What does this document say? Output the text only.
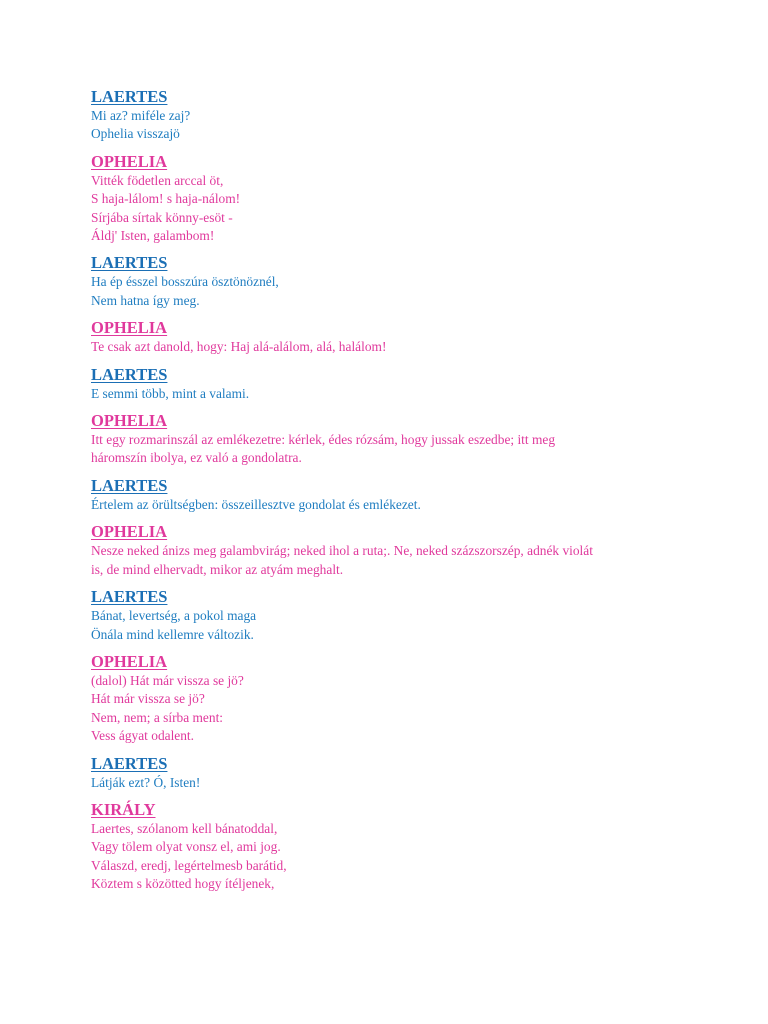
LAERTES
Mi az? miféle zaj?
Ophelia visszajö
OPHELIA
Vitték födetlen arccal öt,
S haja-lálom! s haja-nálom!
Sírjába sírtak könny-esöt -
Áldj' Isten, galambom!
LAERTES
Ha ép ésszel bosszúra ösztönöznél,
Nem hatna így meg.
OPHELIA
Te csak azt danold, hogy: Haj alá-alálom, alá, halálom!
LAERTES
E semmi több, mint a valami.
OPHELIA
Itt egy rozmarinszál az emlékezetre: kérlek, édes rózsám, hogy jussak eszedbe; itt meg
háromszín ibolya, ez való a gondolatra.
LAERTES
Értelem az örültségben: összeillesztve gondolat és emlékezet.
OPHELIA
Nesze neked ánizs meg galambvirág; neked ihol a ruta;. Ne, neked százszorszép, adnék violát
is, de mind elhervadt, mikor az atyám meghalt.
LAERTES
Bánat, levertség, a pokol maga
Önála mind kellemre változik.
OPHELIA
(dalol) Hát már vissza se jö?
Hát már vissza se jö?
Nem, nem; a sírba ment:
Vess ágyat odalent.
LAERTES
Látják ezt? Ó, Isten!
KIRÁLY
Laertes, szólanom kell bánatoddal,
Vagy tölem olyat vonsz el, ami jog.
Válaszd, eredj, legértelmesb barátid,
Köztem s közötted hogy ítéljenek,
